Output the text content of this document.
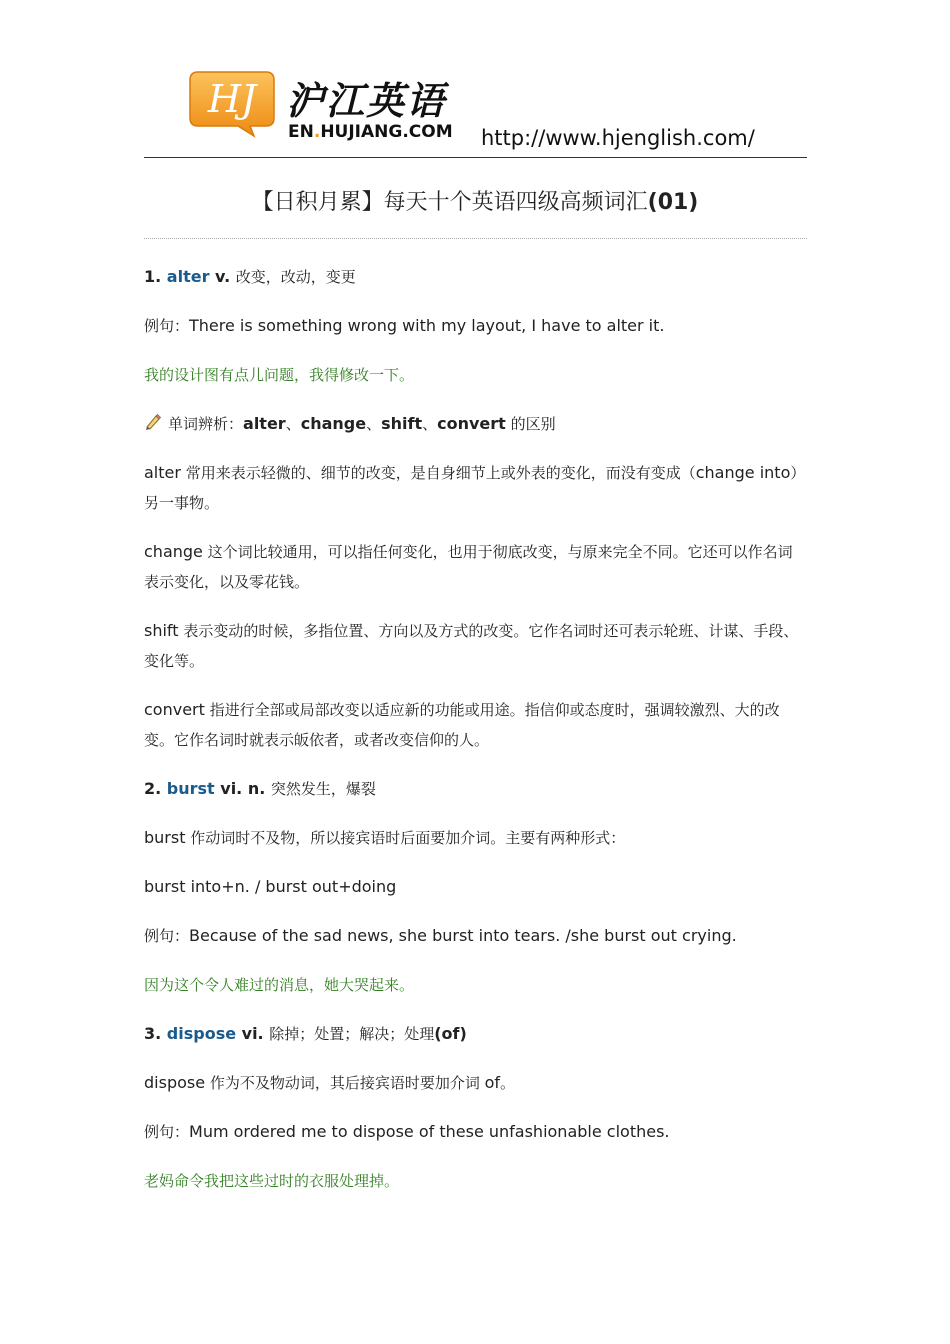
HJ 沪江英语
EN.HUJIANG.COM http://www.hjenglish.com/
【日积月累】每天十个英语四级高频词汇(01)

1. alter v. 改变，改动，变更

例句：There is something wrong with my layout, I have to alter it.

我的设计图有点儿问题，我得修改一下。

单词辨析：alter、change、shift、convert 的区别

alter 常用来表示轻微的、细节的改变，是自身细节上或外表的变化，而没有变成（change into）另一事物。

change 这个词比较通用，可以指任何变化，也用于彻底改变，与原来完全不同。它还可以作名词表示变化，以及零花钱。

shift 表示变动的时候，多指位置、方向以及方式的改变。它作名词时还可表示轮班、计谋、手段、变化等。

convert 指进行全部或局部改变以适应新的功能或用途。指信仰或态度时，强调较激烈、大的改变。它作名词时就表示皈依者，或者改变信仰的人。

2. burst vi. n. 突然发生，爆裂

burst 作动词时不及物，所以接宾语时后面要加介词。主要有两种形式：

burst into+n. / burst out+doing

例句：Because of the sad news, she burst into tears. /she burst out crying.

因为这个令人难过的消息，她大哭起来。

3. dispose vi. 除掉；处置；解决；处理(of)

dispose 作为不及物动词，其后接宾语时要加介词 of。

例句：Mum ordered me to dispose of these unfashionable clothes.

老妈命令我把这些过时的衣服处理掉。
